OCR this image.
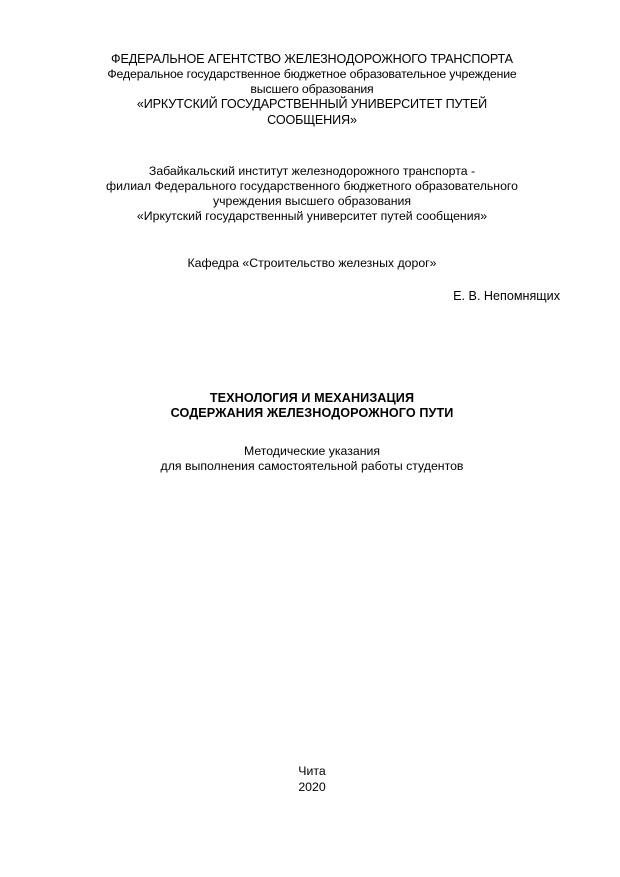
ФЕДЕРАЛЬНОЕ АГЕНТСТВО ЖЕЛЕЗНОДОРОЖНОГО ТРАНСПОРТА
Федеральное государственное бюджетное образовательное учреждение
высшего образования
«ИРКУТСКИЙ ГОСУДАРСТВЕННЫЙ УНИВЕРСИТЕТ ПУТЕЙ
СООБЩЕНИЯ»
Забайкальский институт железнодорожного транспорта -
филиал Федерального государственного бюджетного образовательного
учреждения высшего образования
«Иркутский государственный университет путей сообщения»
Кафедра «Строительство железных дорог»
Е. В. Непомнящих
ТЕХНОЛОГИЯ И МЕХАНИЗАЦИЯ
СОДЕРЖАНИЯ ЖЕЛЕЗНОДОРОЖНОГО ПУТИ
Методические указания
для выполнения самостоятельной работы студентов
Чита
2020
